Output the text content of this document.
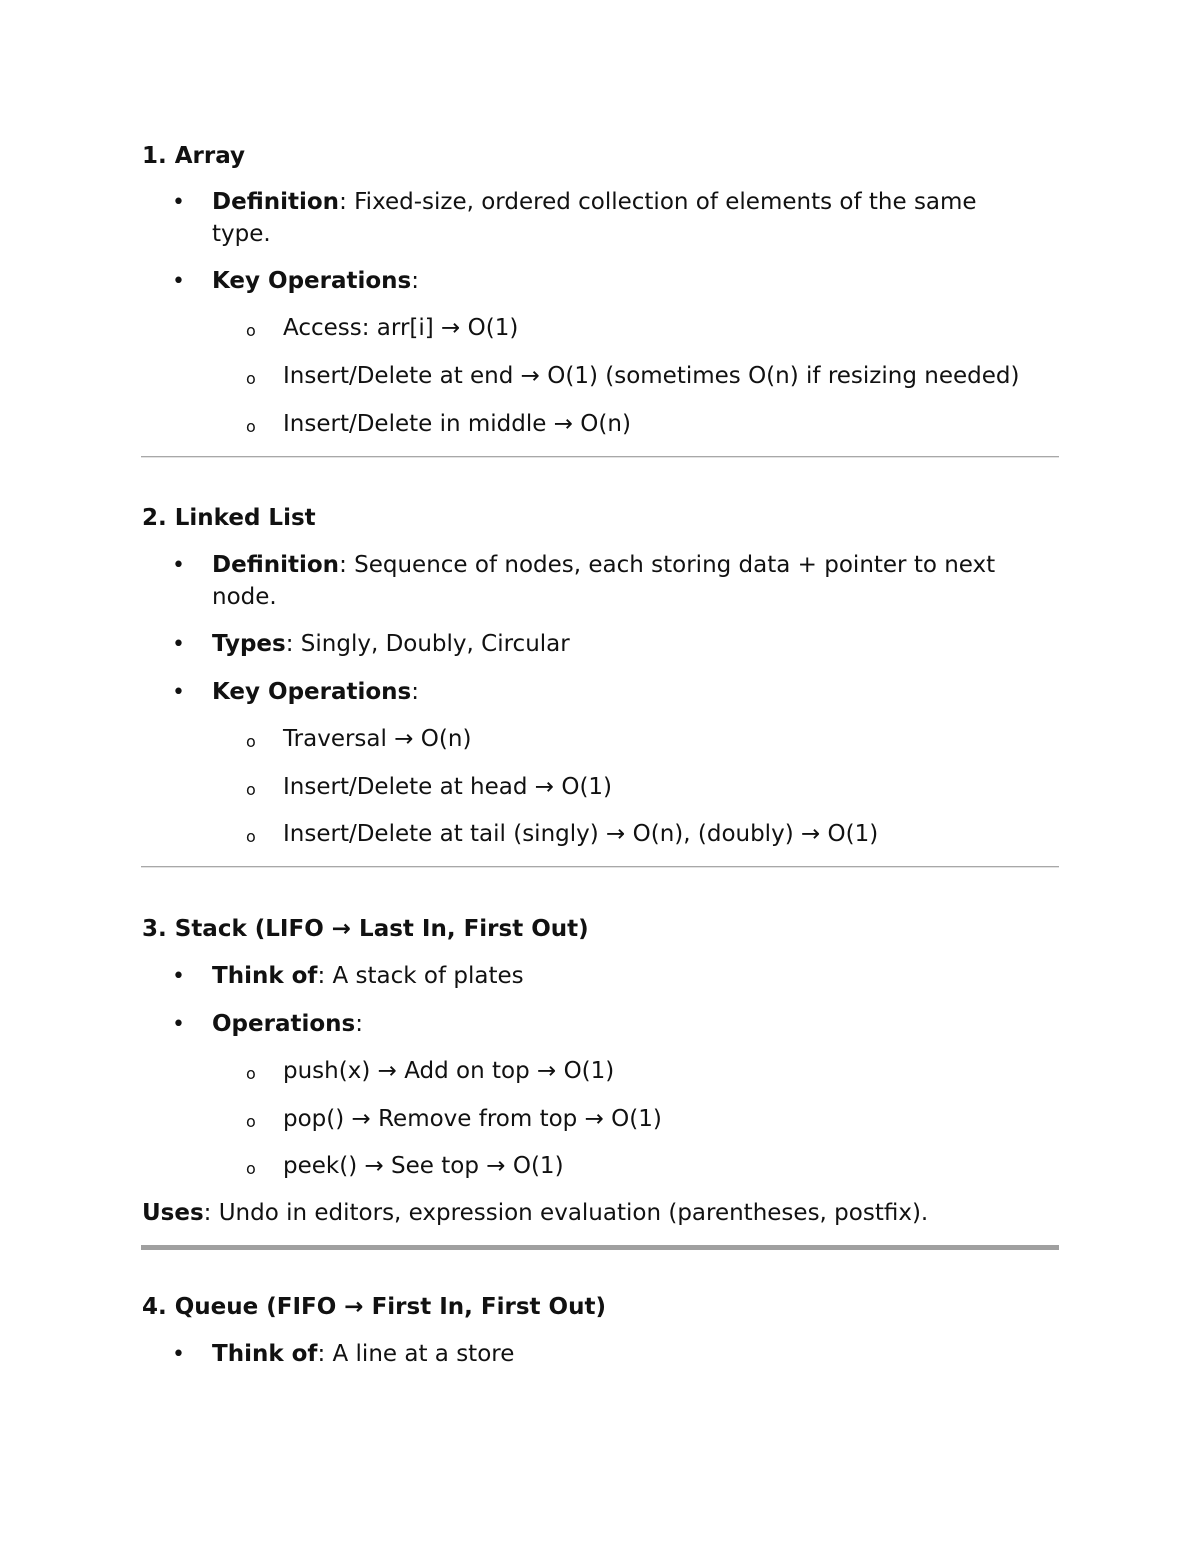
1. Array
• Definition: Fixed-size, ordered collection of elements of the same type.
• Key Operations:
o Access: arr[i] → O(1)
o Insert/Delete at end → O(1) (sometimes O(n) if resizing needed)
o Insert/Delete in middle → O(n)
2. Linked List
• Definition: Sequence of nodes, each storing data + pointer to next node.
• Types: Singly, Doubly, Circular
• Key Operations:
o Traversal → O(n)
o Insert/Delete at head → O(1)
o Insert/Delete at tail (singly) → O(n), (doubly) → O(1)
3. Stack (LIFO → Last In, First Out)
• Think of: A stack of plates
• Operations:
o push(x) → Add on top → O(1)
o pop() → Remove from top → O(1)
o peek() → See top → O(1)
Uses: Undo in editors, expression evaluation (parentheses, postfix).
4. Queue (FIFO → First In, First Out)
• Think of: A line at a store
